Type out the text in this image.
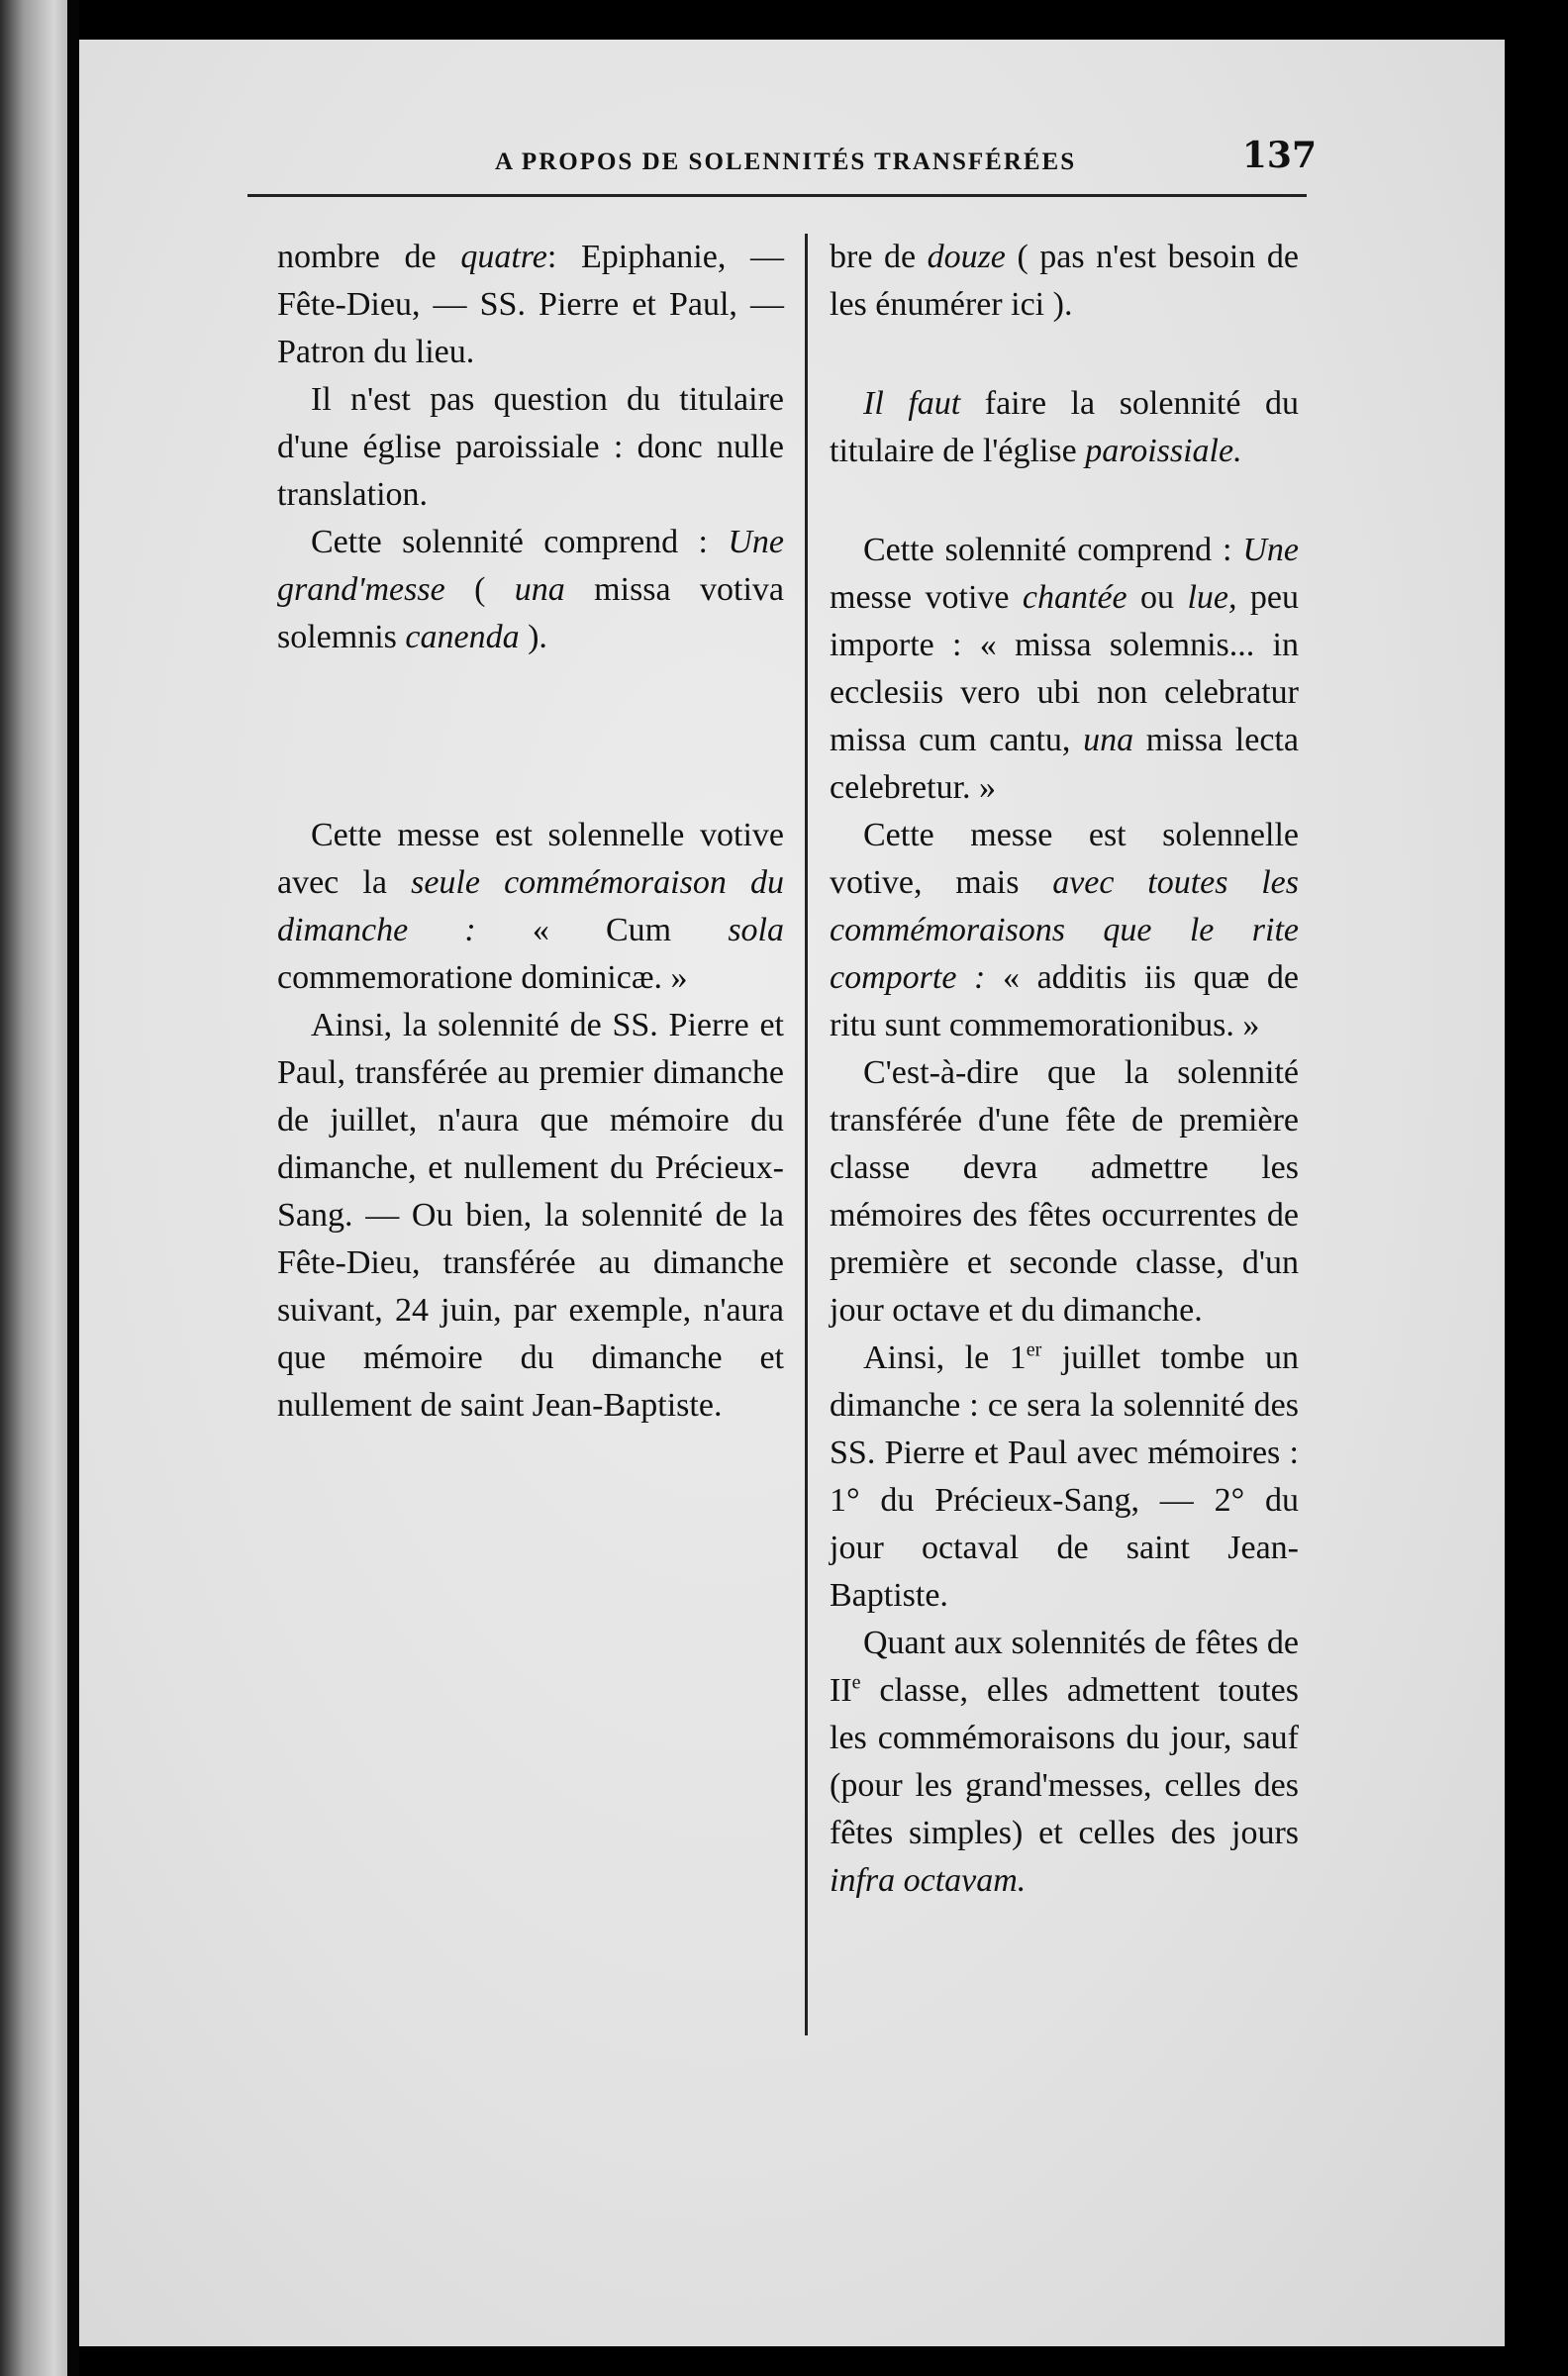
A PROPOS DE SOLENNITÉS TRANSFÉRÉES	137

nombre de quatre: Epiphanie, — Fête-Dieu, — SS. Pierre et Paul, — Patron du lieu.

Il n'est pas question du titulaire d'une église paroissiale : donc nulle translation.

Cette solennité comprend : Une grand'messe ( una missa votiva solemnis canenda ).

Cette messe est solennelle votive avec la seule commémoraison du dimanche : « Cum sola commemoratione dominicæ. »

Ainsi, la solennité de SS. Pierre et Paul, transférée au premier dimanche de juillet, n'aura que mémoire du dimanche, et nullement du Précieux-Sang. — Ou bien, la solennité de la Fête-Dieu, transférée au dimanche suivant, 24 juin, par exemple, n'aura que mémoire du dimanche et nullement de saint Jean-Baptiste.

bre de douze ( pas n'est besoin de les énumérer ici ).

Il faut faire la solennité du titulaire de l'église paroissiale.

Cette solennité comprend : Une messe votive chantée ou lue, peu importe : « missa solemnis... in ecclesiis vero ubi non celebratur missa cum cantu, una missa lecta celebretur. »

Cette messe est solennelle votive, mais avec toutes les commémoraisons que le rite comporte : « additis iis quæ de ritu sunt commemorationibus. »

C'est-à-dire que la solennité transférée d'une fête de première classe devra admettre les mémoires des fêtes occurrentes de première et seconde classe, d'un jour octave et du dimanche.

Ainsi, le 1er juillet tombe un dimanche : ce sera la solennité des SS. Pierre et Paul avec mémoires : 1° du Précieux-Sang, — 2° du jour octaval de saint Jean-Baptiste.

Quant aux solennités de fêtes de IIe classe, elles admettent toutes les commémoraisons du jour, sauf (pour les grand'messes, celles des fêtes simples) et celles des jours infra octavam.
